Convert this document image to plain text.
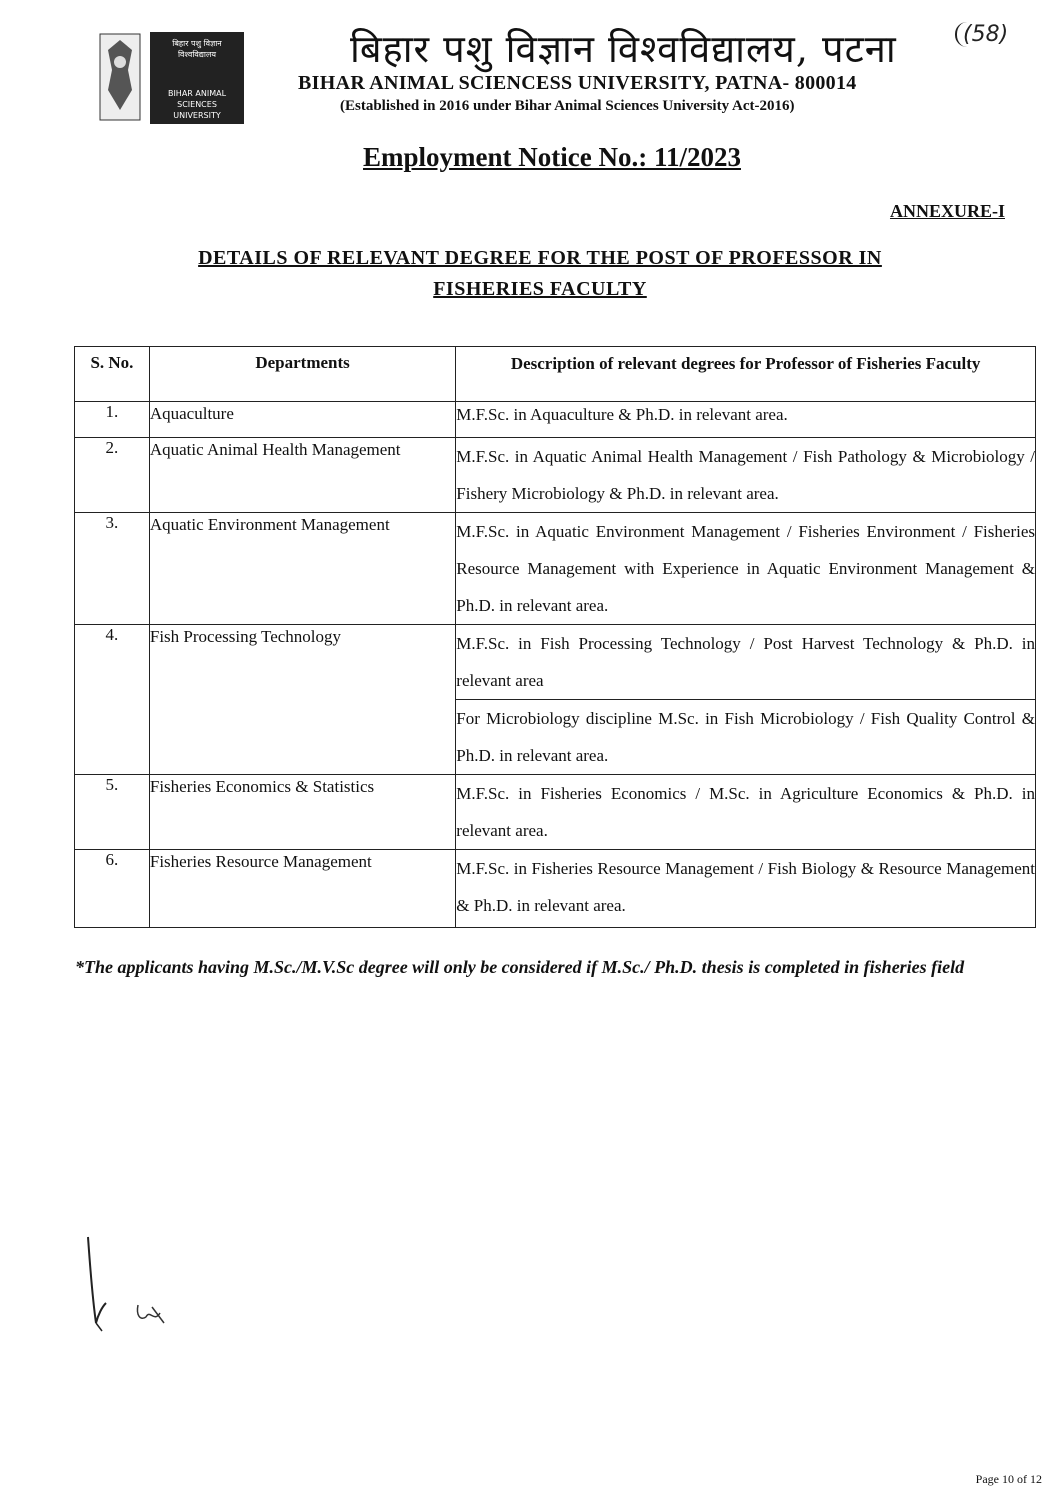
बिहार पशु विज्ञान
विश्वविद्यालय
BIHAR ANIMAL SCIENCES
UNIVERSITY
बिहार पशु विज्ञान विश्वविद्यालय, पटना	(58)
BIHAR ANIMAL SCIENCESS UNIVERSITY, PATNA- 800014
(Established in 2016 under Bihar Animal Sciences University Act-2016)
Employment Notice No.: 11/2023
ANNEXURE-I
DETAILS OF RELEVANT DEGREE FOR THE POST OF PROFESSOR IN
FISHERIES FACULTY
S. No.	Departments	Description of relevant degrees for Professor of Fisheries Faculty
1.	Aquaculture	M.F.Sc. in Aquaculture & Ph.D. in relevant area.
2.	Aquatic Animal Health Management	M.F.Sc. in Aquatic Animal Health Management / Fish Pathology & Microbiology / Fishery Microbiology & Ph.D. in relevant area.
3.	Aquatic Environment Management	M.F.Sc. in Aquatic Environment Management / Fisheries Environment / Fisheries Resource Management with Experience in Aquatic Environment Management & Ph.D. in relevant area.
4.	Fish Processing Technology	M.F.Sc. in Fish Processing Technology / Post Harvest Technology & Ph.D. in relevant area
		For Microbiology discipline M.Sc. in Fish Microbiology / Fish Quality Control & Ph.D. in relevant area.
5.	Fisheries Economics & Statistics	M.F.Sc. in Fisheries Economics / M.Sc. in Agriculture Economics & Ph.D. in relevant area.
6.	Fisheries Resource Management	M.F.Sc. in Fisheries Resource Management / Fish Biology & Resource Management & Ph.D. in relevant area.
*The applicants having M.Sc./M.V.Sc degree will only be considered if M.Sc./ Ph.D. thesis is completed in fisheries field
Page 10 of 12
